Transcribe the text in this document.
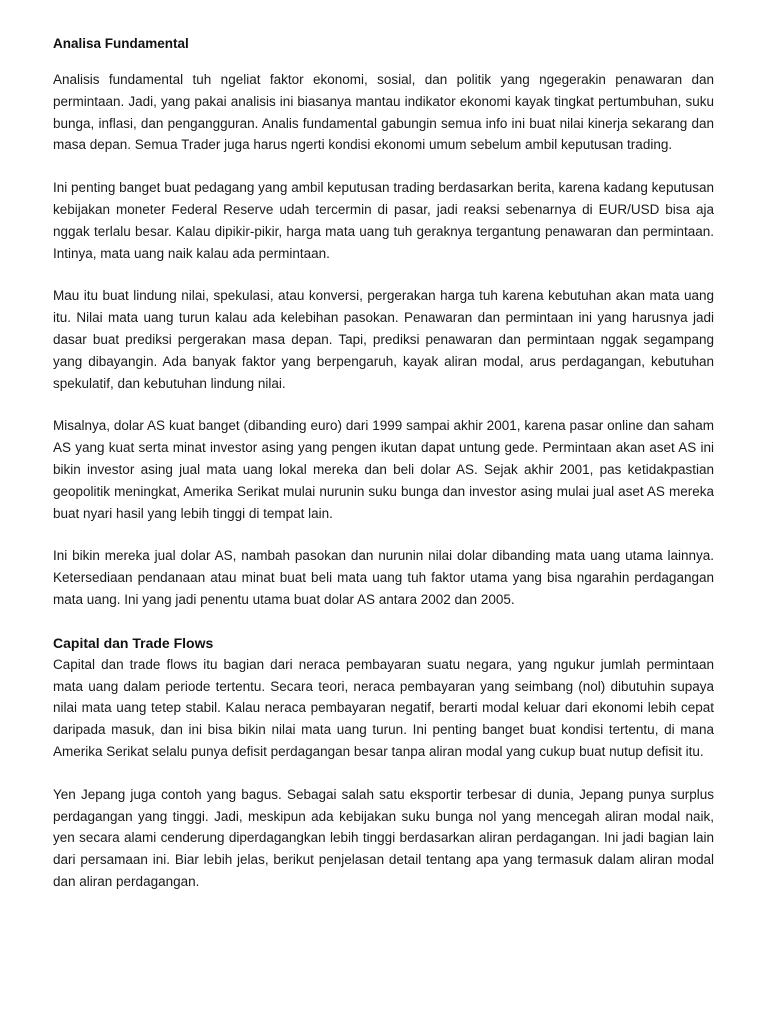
Analisa Fundamental

Analisis fundamental tuh ngeliat faktor ekonomi, sosial, dan politik yang ngegerakin penawaran dan permintaan. Jadi, yang pakai analisis ini biasanya mantau indikator ekonomi kayak tingkat pertumbuhan, suku bunga, inflasi, dan pengangguran. Analis fundamental gabungin semua info ini buat nilai kinerja sekarang dan masa depan. Semua Trader juga harus ngerti kondisi ekonomi umum sebelum ambil keputusan trading.

Ini penting banget buat pedagang yang ambil keputusan trading berdasarkan berita, karena kadang keputusan kebijakan moneter Federal Reserve udah tercermin di pasar, jadi reaksi sebenarnya di EUR/USD bisa aja nggak terlalu besar. Kalau dipikir-pikir, harga mata uang tuh geraknya tergantung penawaran dan permintaan. Intinya, mata uang naik kalau ada permintaan.

Mau itu buat lindung nilai, spekulasi, atau konversi, pergerakan harga tuh karena kebutuhan akan mata uang itu. Nilai mata uang turun kalau ada kelebihan pasokan. Penawaran dan permintaan ini yang harusnya jadi dasar buat prediksi pergerakan masa depan. Tapi, prediksi penawaran dan permintaan nggak segampang yang dibayangin. Ada banyak faktor yang berpengaruh, kayak aliran modal, arus perdagangan, kebutuhan spekulatif, dan kebutuhan lindung nilai.

Misalnya, dolar AS kuat banget (dibanding euro) dari 1999 sampai akhir 2001, karena pasar online dan saham AS yang kuat serta minat investor asing yang pengen ikutan dapat untung gede. Permintaan akan aset AS ini bikin investor asing jual mata uang lokal mereka dan beli dolar AS. Sejak akhir 2001, pas ketidakpastian geopolitik meningkat, Amerika Serikat mulai nurunin suku bunga dan investor asing mulai jual aset AS mereka buat nyari hasil yang lebih tinggi di tempat lain.

Ini bikin mereka jual dolar AS, nambah pasokan dan nurunin nilai dolar dibanding mata uang utama lainnya. Ketersediaan pendanaan atau minat buat beli mata uang tuh faktor utama yang bisa ngarahin perdagangan mata uang. Ini yang jadi penentu utama buat dolar AS antara 2002 dan 2005.

Capital dan Trade Flows

Capital dan trade flows itu bagian dari neraca pembayaran suatu negara, yang ngukur jumlah permintaan mata uang dalam periode tertentu. Secara teori, neraca pembayaran yang seimbang (nol) dibutuhin supaya nilai mata uang tetep stabil. Kalau neraca pembayaran negatif, berarti modal keluar dari ekonomi lebih cepat daripada masuk, dan ini bisa bikin nilai mata uang turun. Ini penting banget buat kondisi tertentu, di mana Amerika Serikat selalu punya defisit perdagangan besar tanpa aliran modal yang cukup buat nutup defisit itu.

Yen Jepang juga contoh yang bagus. Sebagai salah satu eksportir terbesar di dunia, Jepang punya surplus perdagangan yang tinggi. Jadi, meskipun ada kebijakan suku bunga nol yang mencegah aliran modal naik, yen secara alami cenderung diperdagangkan lebih tinggi berdasarkan aliran perdagangan. Ini jadi bagian lain dari persamaan ini. Biar lebih jelas, berikut penjelasan detail tentang apa yang termasuk dalam aliran modal dan aliran perdagangan.
